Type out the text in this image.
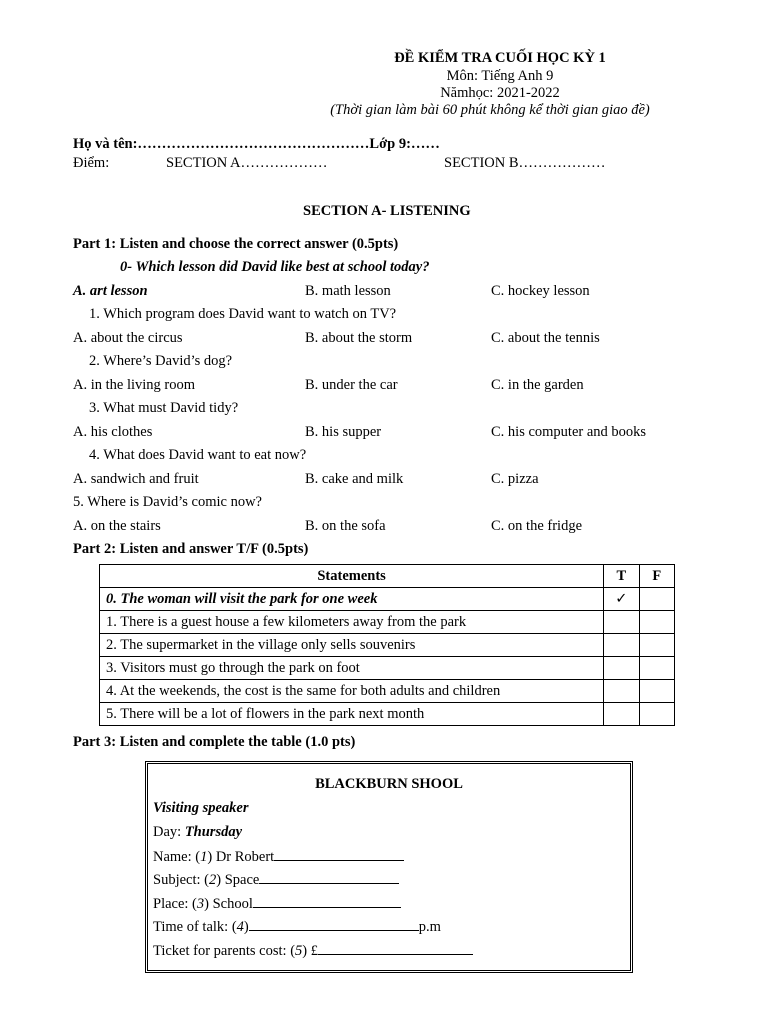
ĐỀ KIỂM TRA CUỐI HỌC KỲ 1
Môn: Tiếng Anh 9
Nămhọc: 2021-2022
(Thời gian làm bài 60 phút không kể thời gian giao đề)
Họ và tên:…………………………………………Lớp 9:……
Điểm:	SECTION A………………	SECTION B………………
SECTION A- LISTENING
Part 1: Listen and choose the correct answer (0.5pts)
0- Which lesson did David like best at school today?
A. art lesson	B. math lesson	C. hockey lesson
1. Which program does David want to watch on TV?
A. about the circus	B. about the storm	C. about the tennis
2. Where’s David’s dog?
A. in the living room	B. under the car	C. in the garden
3. What must David tidy?
A. his clothes	B. his supper	C. his computer and books
4. What does David want to eat now?
A. sandwich and fruit	B. cake and milk	C. pizza
5. Where is David’s comic now?
A. on the stairs	B. on the sofa	C. on the fridge
Part 2: Listen and answer T/F (0.5pts)
Statements	T	F
0. The woman will visit the park for one week	✓	
1. There is a guest house a few kilometers away from the park		
2. The supermarket in the village only sells souvenirs		
3. Visitors must go through the park on foot		
4. At the weekends, the cost is the same for both adults and children		
5. There will be a lot of flowers in the park next month		
Part 3: Listen and complete the table (1.0 pts)
BLACKBURN SHOOL
Visiting speaker
Day: Thursday
Name: (1) Dr Robert
Subject: (2) Space
Place: (3) School
Time of talk: (4)	p.m
Ticket for parents cost: (5) £
